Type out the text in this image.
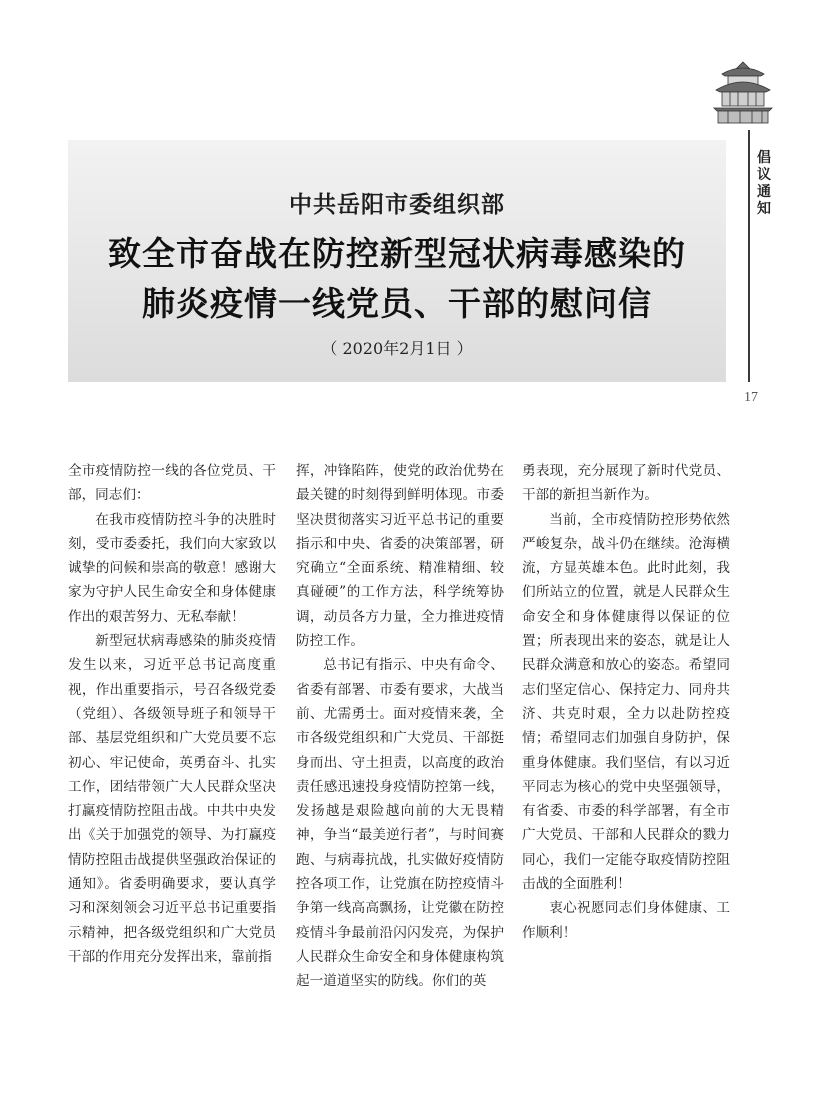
倡
议
通
知
17
中共岳阳市委组织部
致全市奋战在防控新型冠状病毒感染的
肺炎疫情一线党员、干部的慰问信
（ 2020年2月1日 ）

全市疫情防控一线的各位党员、干部，同志们：

在我市疫情防控斗争的决胜时刻，受市委委托，我们向大家致以诚挚的问候和崇高的敬意！感谢大家为守护人民生命安全和身体健康作出的艰苦努力、无私奉献！

新型冠状病毒感染的肺炎疫情发生以来，习近平总书记高度重视，作出重要指示，号召各级党委（党组）、各级领导班子和领导干部、基层党组织和广大党员要不忘初心、牢记使命，英勇奋斗、扎实工作，团结带领广大人民群众坚决打赢疫情防控阻击战。中共中央发出《关于加强党的领导、为打赢疫情防控阻击战提供坚强政治保证的通知》。省委明确要求，要认真学习和深刻领会习近平总书记重要指示精神，把各级党组织和广大党员干部的作用充分发挥出来，靠前指

挥，冲锋陷阵，使党的政治优势在最关键的时刻得到鲜明体现。市委坚决贯彻落实习近平总书记的重要指示和中央、省委的决策部署，研究确立“全面系统、精准精细、较真碰硬”的工作方法，科学统筹协调，动员各方力量，全力推进疫情防控工作。

总书记有指示、中央有命令、省委有部署、市委有要求，大战当前、尤需勇士。面对疫情来袭，全市各级党组织和广大党员、干部挺身而出、守土担责，以高度的政治责任感迅速投身疫情防控第一线，发扬越是艰险越向前的大无畏精神，争当“最美逆行者”，与时间赛跑、与病毒抗战，扎实做好疫情防控各项工作，让党旗在防控疫情斗争第一线高高飘扬，让党徽在防控疫情斗争最前沿闪闪发亮，为保护人民群众生命安全和身体健康构筑起一道道坚实的防线。你们的英

勇表现，充分展现了新时代党员、干部的新担当新作为。

当前，全市疫情防控形势依然严峻复杂，战斗仍在继续。沧海横流，方显英雄本色。此时此刻，我们所站立的位置，就是人民群众生命安全和身体健康得以保证的位置；所表现出来的姿态，就是让人民群众满意和放心的姿态。希望同志们坚定信心、保持定力、同舟共济、共克时艰，全力以赴防控疫情；希望同志们加强自身防护，保重身体健康。我们坚信，有以习近平同志为核心的党中央坚强领导，有省委、市委的科学部署，有全市广大党员、干部和人民群众的戮力同心，我们一定能夺取疫情防控阻击战的全面胜利！

衷心祝愿同志们身体健康、工作顺利！
